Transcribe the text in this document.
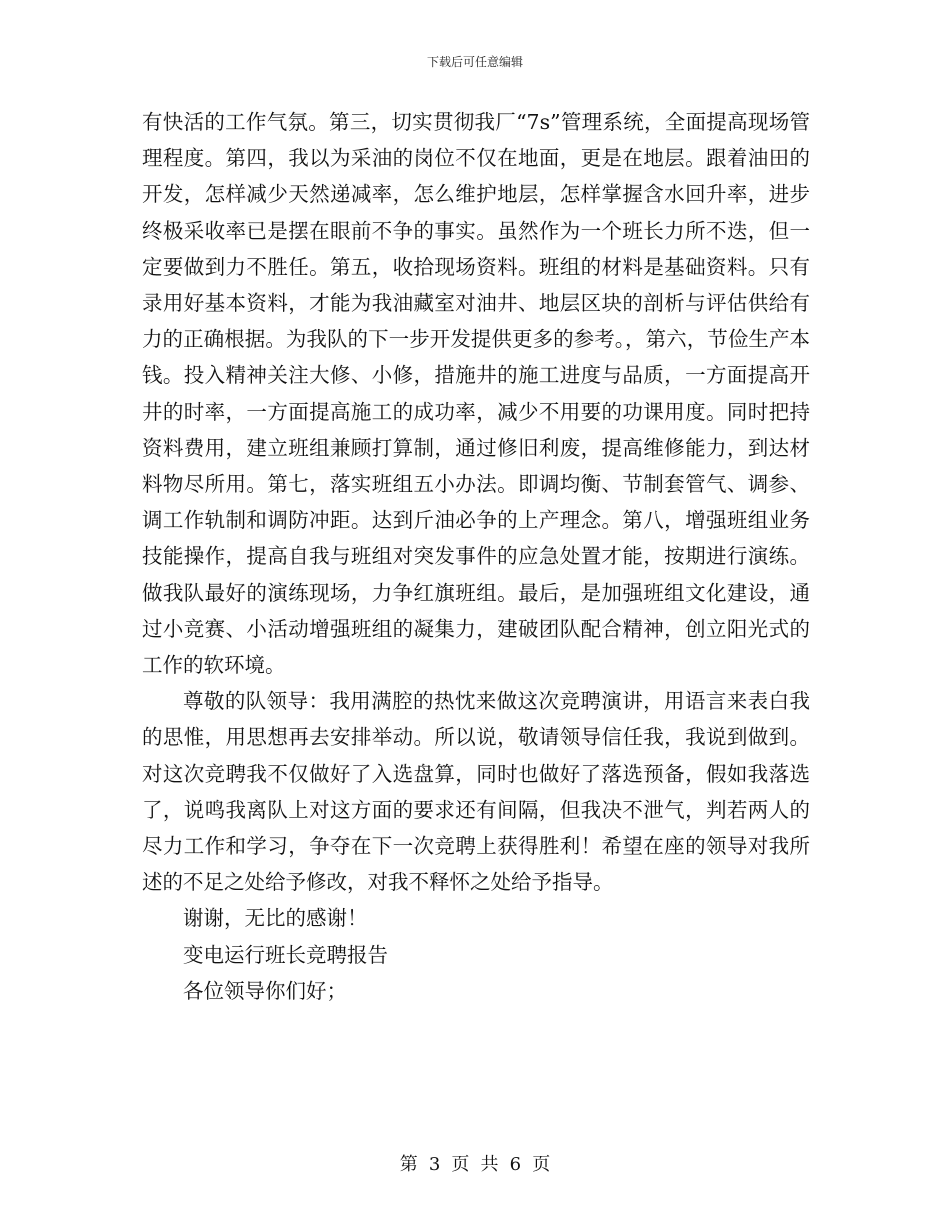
下载后可任意编辑

有快活的工作气氛。第三，切实贯彻我厂“7s”管理系统，全面提高现场管理程度。第四，我以为采油的岗位不仅在地面，更是在地层。跟着油田的开发，怎样减少天然递减率，怎么维护地层，怎样掌握含水回升率，进步终极采收率已是摆在眼前不争的事实。虽然作为一个班长力所不迭，但一定要做到力不胜任。第五，收拾现场资料。班组的材料是基础资料。只有录用好基本资料，才能为我油藏室对油井、地层区块的剖析与评估供给有力的正确根据。为我队的下一步开发提供更多的参考。，第六，节俭生产本钱。投入精神关注大修、小修，措施井的施工进度与品质，一方面提高开井的时率，一方面提高施工的成功率，减少不用要的功课用度。同时把持资料费用，建立班组兼顾打算制，通过修旧利废，提高维修能力，到达材料物尽所用。第七，落实班组五小办法。即调均衡、节制套管气、调参、调工作轨制和调防冲距。达到斤油必争的上产理念。第八，增强班组业务技能操作，提高自我与班组对突发事件的应急处置才能，按期进行演练。做我队最好的演练现场，力争红旗班组。最后，是加强班组文化建设，通过小竞赛、小活动增强班组的凝集力，建破团队配合精神，创立阳光式的工作的软环境。

尊敬的队领导：我用满腔的热忱来做这次竞聘演讲，用语言来表白我的思惟，用思想再去安排举动。所以说，敬请领导信任我，我说到做到。对这次竞聘我不仅做好了入选盘算，同时也做好了落选预备，假如我落选了，说鸣我离队上对这方面的要求还有间隔，但我决不泄气，判若两人的尽力工作和学习，争夺在下一次竞聘上获得胜利！希望在座的领导对我所述的不足之处给予修改，对我不释怀之处给予指导。

谢谢，无比的感谢！

变电运行班长竞聘报告

各位领导你们好；

第 3 页 共 6 页
